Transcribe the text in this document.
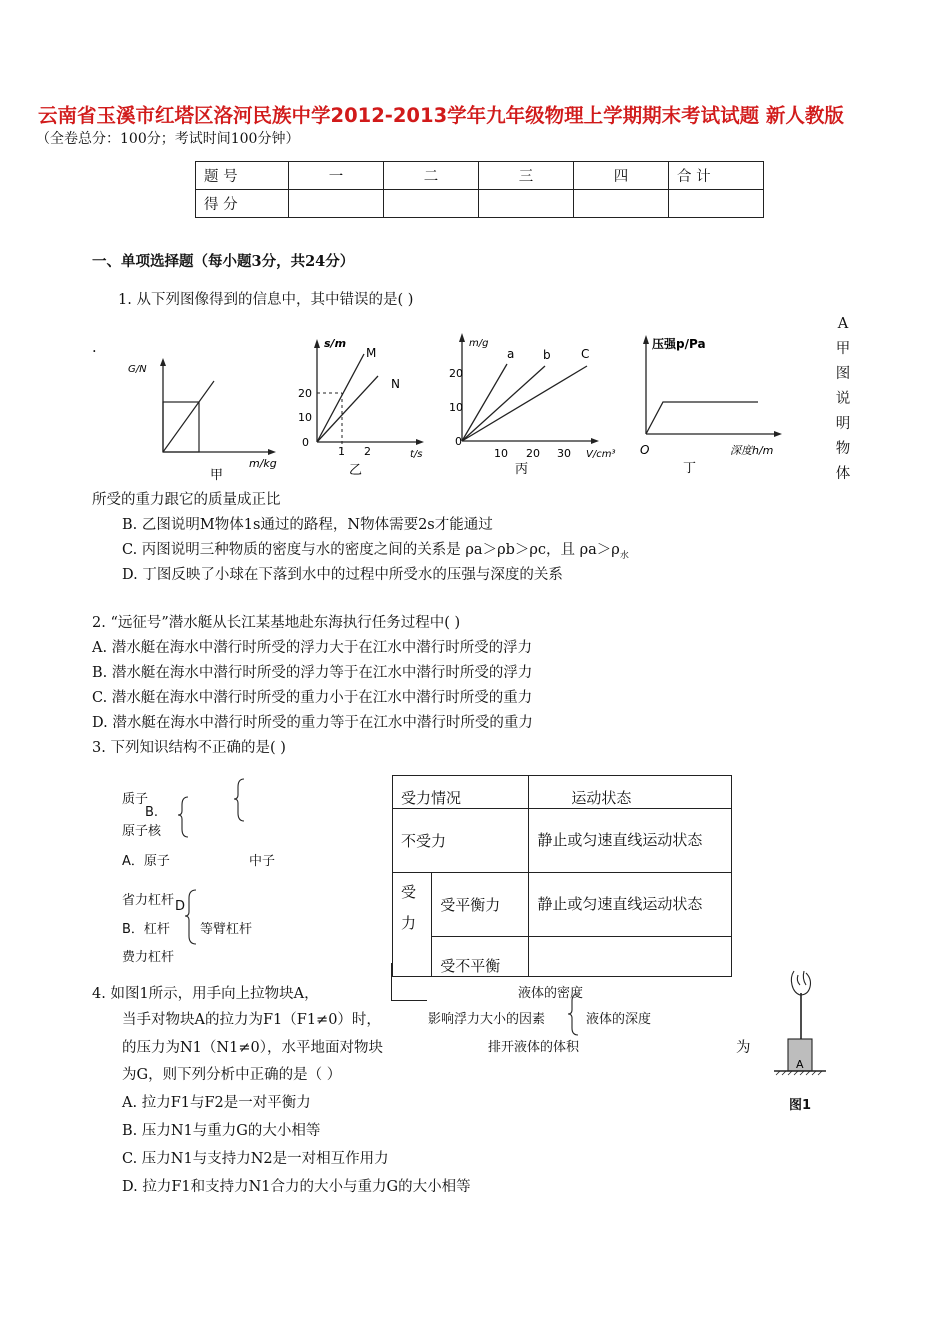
云南省玉溪市红塔区洛河民族中学2012-2013学年九年级物理上学期期末考试试题 新人教版
（全卷总分：100分；考试时间100分钟）
题 号	一	二	三	四	合 计
得 分					
一、单项选择题（每小题3分，共24分）
1. 从下列图像得到的信息中，其中错误的是( )
.
G/N
m/kg
甲
s/m
t/s
20
10
0
1 2
M
N
乙
m/g
20
10
0
10 20 30 V/cm³
a b	C
丙
压强p/Pa
O	深度h/m
丁
A甲图说明物体
所受的重力跟它的质量成正比
B. 乙图说明M物体1s通过的路程，N物体需要2s才能通过
C. 丙图说明三种物质的密度与水的密度之间的关系是 ρa＞ρb＞ρc，且 $\rho a>\rho_水$
D. 丁图反映了小球在下落到水中的过程中所受水的压强与深度的关系
2. “远征号”潜水艇从长江某基地赴东海执行任务过程中( )
A. 潜水艇在海水中潜行时所受的浮力大于在江水中潜行时所受的浮力
B. 潜水艇在海水中潜行时所受的浮力等于在江水中潜行时所受的浮力
C. 潜水艇在海水中潜行时所受的重力小于在江水中潜行时所受的重力
D. 潜水艇在海水中潜行时所受的重力等于在江水中潜行时所受的重力
3. 下列知识结构不正确的是( )
质子
B.
原子核
A．原子	中子
省力杠杆 D
B．杠杆 等臂杠杆
费力杠杆
受力情况		运动状态
不受力		静止或匀速直线运动状态
受力	受平衡力	静止或匀速直线运动状态
	受不平衡	
液体的密度
影响浮力大小的因素	液体的深度
4. 如图1所示，用手向上拉物块A，
当手对物块A的拉力为F1（F1≠0）时，
的压力为N1（N1≠0），水平地面对物块	排开液体的体积	为
为G，则下列分析中正确的是（ ）
A. 拉力F1与F2是一对平衡力
B. 压力N1与重力G的大小相等
C. 压力N1与支持力N2是一对相互作用力
D. 拉力F1和支持力N1合力的大小与重力G的大小相等
A
图1
